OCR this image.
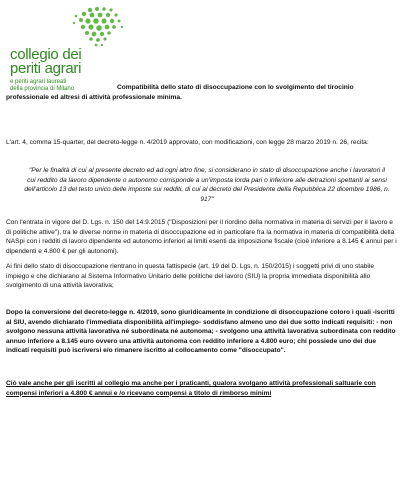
collegio dei
periti agrari
e periti agrari laureati
della provincia di Milano	Compatibilità dello stato di disoccupazione con lo svolgimento del tirocinio
professionale ed altresì di attività professionale minima.

L'art. 4, comma 15-quarter, del decreto-legge n. 4/2019 approvato, con modificazioni, con legge 28 marzo 2019 n. 26, recita:

"Per le finalità di cui al presente decreto ed ad ogni altro fine, si considerano in stato di disoccupazione anche i lavoratori il cui reddito da lavoro dipendente o autonomo corrisponde a un'imposta lorda pari o inferiore alle detrazioni spettanti ai sensi dell'articolo 13 del testo unico delle imposte sui redditi, di cui al decreto del Presidente della Repubblica 22 dicembre 1986, n. 917"

Con l'entrata in vigore del D. Lgs. n. 150 del 14.9.2015 ("Disposizioni per il riordino della normativa in materia di servizi per il lavoro e di politiche attive"), tra le diverse norme in materia di disoccupazione ed in particolare fra la normativa in materia di compatibilità della NASpi con i redditi di lavoro dipendente ed autonomo inferiori ai limiti esenti da imposizione fiscale (cioè inferiore a 8.145 € annui per i dipendenti e 4.800 € per gli autonomi).

Ai fini dello stato di disoccupazione rientrano in questa fattispecie (art. 19 del D. Lgs. n. 150/2015) i soggetti privi di uno stabile impiego e che dichiarano al Sistema Informativo Unitario delle politiche del lavoro (SIU) la propria immediata disponibilità allo svolgimento di una attività lavorativa;

Dopo la conversione del decreto-legge n. 4/2019, sono giuridicamente in condizione di disoccupazione coloro i quali -iscritti al SIU, avendo dichiarato l'immediata disponibilità all'impiego- soddisfano almeno uno dei due sotto indicati requisiti: - non svolgono nessuna attività lavorativa né subordinata né autonoma; - svolgono una attività lavorativa subordinata con reddito annuo inferiore a 8.145 euro ovvero una attività autonoma con reddito inferiore a 4.800 euro; chi possiede uno dei due indicati requisiti può iscriversi e/o rimanere iscritto al collocamento come "disoccupato".

Ciò vale anche per gli iscritti al collegio ma anche per i praticanti, qualora svolgano attività professionali saltuarie con compensi inferiori a 4.800 € annui e /o ricevano compensi a titolo di rimborso minimi
